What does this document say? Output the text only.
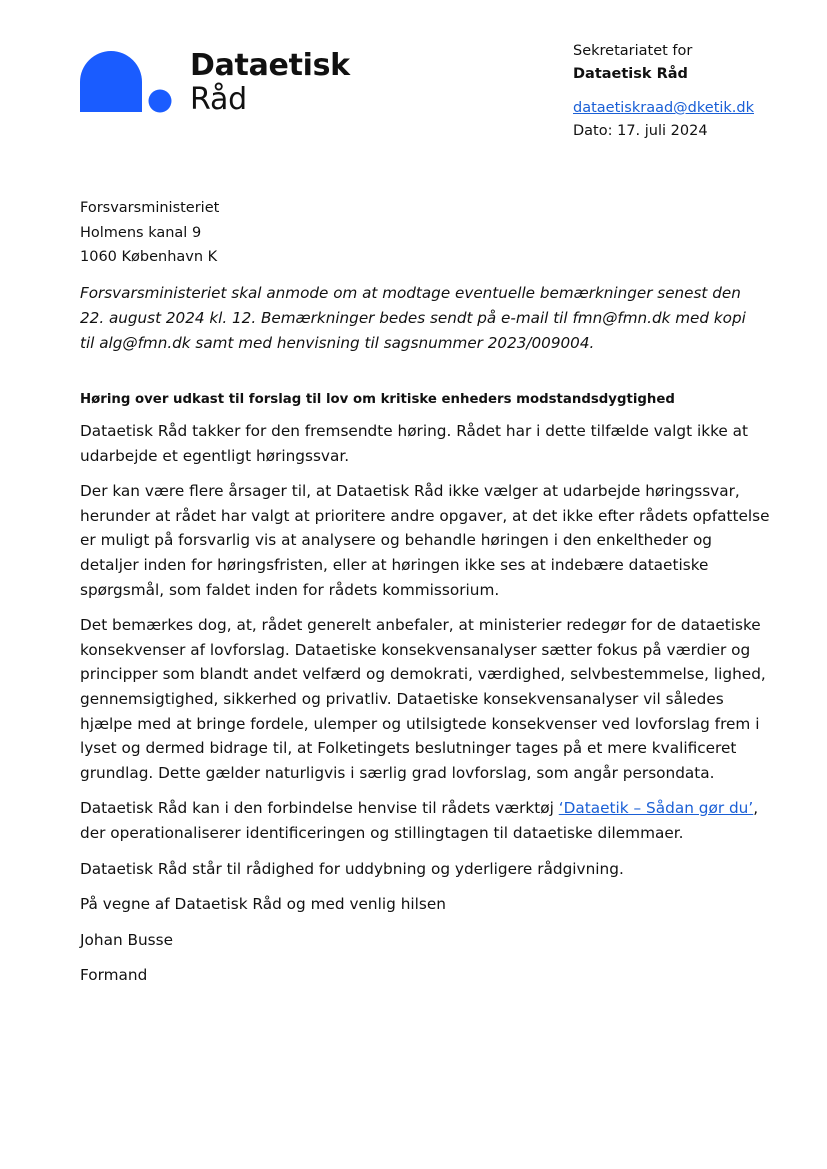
Dataetisk
Råd
Sekretariatet for
Dataetisk Råd
dataetiskraad@dketik.dk
Dato: 17. juli 2024
Forsvarsministeriet
Holmens kanal 9
1060 København K
Forsvarsministeriet skal anmode om at modtage eventuelle bemærkninger senest den 22. august 2024 kl. 12. Bemærkninger bedes sendt på e-mail til fmn@fmn.dk med kopi til alg@fmn.dk samt med henvisning til sagsnummer 2023/009004.

Høring over udkast til forslag til lov om kritiske enheders modstandsdygtighed

Dataetisk Råd takker for den fremsendte høring. Rådet har i dette tilfælde valgt ikke at udarbejde et egentligt høringssvar.

Der kan være flere årsager til, at Dataetisk Råd ikke vælger at udarbejde høringssvar, herunder at rådet har valgt at prioritere andre opgaver, at det ikke efter rådets opfattelse er muligt på forsvarlig vis at analysere og behandle høringen i den enkeltheder og detaljer inden for høringsfristen, eller at høringen ikke ses at indebære dataetiske spørgsmål, som faldet inden for rådets kommissorium.

Det bemærkes dog, at, rådet generelt anbefaler, at ministerier redegør for de dataetiske konsekvenser af lovforslag. Dataetiske konsekvensanalyser sætter fokus på værdier og principper som blandt andet velfærd og demokrati, værdighed, selvbestemmelse, lighed, gennemsigtighed, sikkerhed og privatliv. Dataetiske konsekvensanalyser vil således hjælpe med at bringe fordele, ulemper og utilsigtede konsekvenser ved lovforslag frem i lyset og dermed bidrage til, at Folketingets beslutninger tages på et mere kvalificeret grundlag. Dette gælder naturligvis i særlig grad lovforslag, som angår persondata.

Dataetisk Råd kan i den forbindelse henvise til rådets værktøj ‘Dataetik – Sådan gør du’, der operationaliserer identificeringen og stillingtagen til dataetiske dilemmaer.

Dataetisk Råd står til rådighed for uddybning og yderligere rådgivning.

På vegne af Dataetisk Råd og med venlig hilsen

Johan Busse

Formand
